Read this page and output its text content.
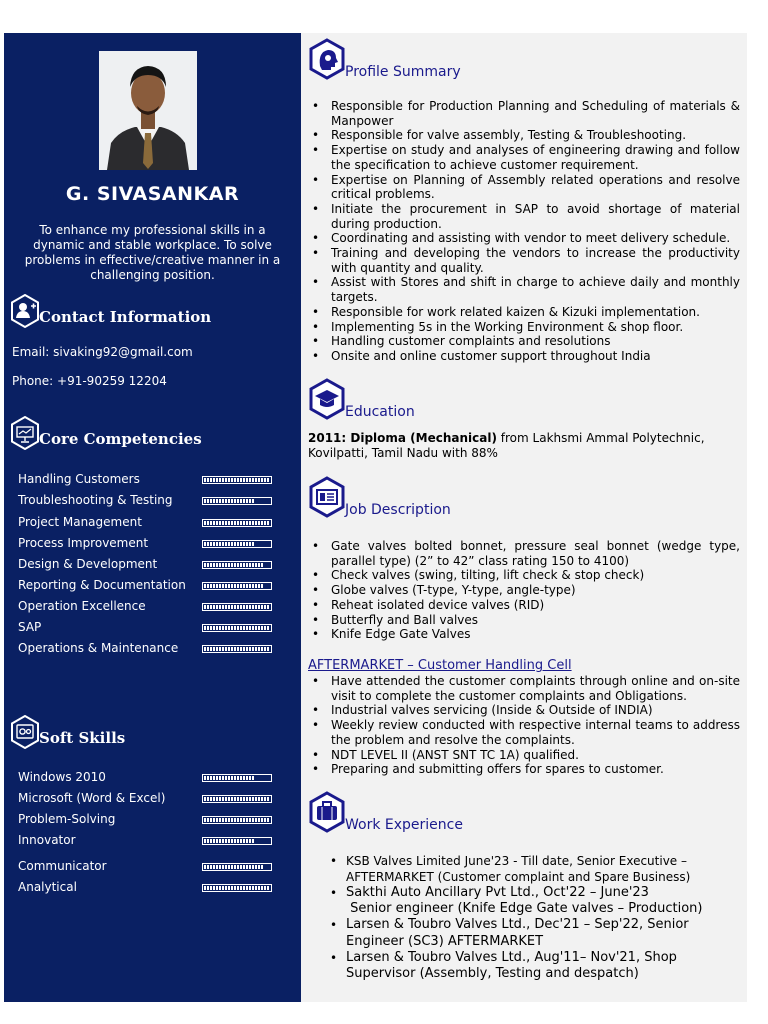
G. SIVASANKAR
To enhance my professional skills in a dynamic and stable workplace. To solve problems in effective/creative manner in a challenging position.
Contact Information
Email: sivaking92@gmail.com
Phone: +91-90259 12204
Core Competencies
Handling Customers
Troubleshooting & Testing
Project Management
Process Improvement
Design & Development
Reporting & Documentation
Operation Excellence
SAP
Operations & Maintenance
Soft Skills
Windows 2010
Microsoft (Word & Excel)
Problem-Solving
Innovator
Communicator
Analytical
Profile Summary
• Responsible for Production Planning and Scheduling of materials & Manpower
• Responsible for valve assembly, Testing & Troubleshooting.
• Expertise on study and analyses of engineering drawing and follow the specification to achieve customer requirement.
• Expertise on Planning of Assembly related operations and resolve critical problems.
• Initiate the procurement in SAP to avoid shortage of material during production.
• Coordinating and assisting with vendor to meet delivery schedule.
• Training and developing the vendors to increase the productivity with quantity and quality.
• Assist with Stores and shift in charge to achieve daily and monthly targets.
• Responsible for work related kaizen & Kizuki implementation.
• Implementing 5s in the Working Environment & shop floor.
• Handling customer complaints and resolutions
• Onsite and online customer support throughout India
Education
2011: Diploma (Mechanical) from Lakhsmi Ammal Polytechnic, Kovilpatti, Tamil Nadu with 88%
Job Description
• Gate valves bolted bonnet, pressure seal bonnet (wedge type, parallel type) (2” to 42” class rating 150 to 4100)
• Check valves (swing, tilting, lift check & stop check)
• Globe valves (T-type, Y-type, angle-type)
• Reheat isolated device valves (RID)
• Butterfly and Ball valves
• Knife Edge Gate Valves
AFTERMARKET – Customer Handling Cell
• Have attended the customer complaints through online and on-site visit to complete the customer complaints and Obligations.
• Industrial valves servicing (Inside & Outside of INDIA)
• Weekly review conducted with respective internal teams to address the problem and resolve the complaints.
• NDT LEVEL II (ANST SNT TC 1A) qualified.
• Preparing and submitting offers for spares to customer.
Work Experience
• KSB Valves Limited June'23 - Till date, Senior Executive –
AFTERMARKET (Customer complaint and Spare Business)
• Sakthi Auto Ancillary Pvt Ltd., Oct'22 – June'23
Senior engineer (Knife Edge Gate valves – Production)
• Larsen & Toubro Valves Ltd., Dec'21 – Sep'22, Senior
Engineer (SC3) AFTERMARKET
• Larsen & Toubro Valves Ltd., Aug'11– Nov'21, Shop
Supervisor (Assembly, Testing and despatch)
